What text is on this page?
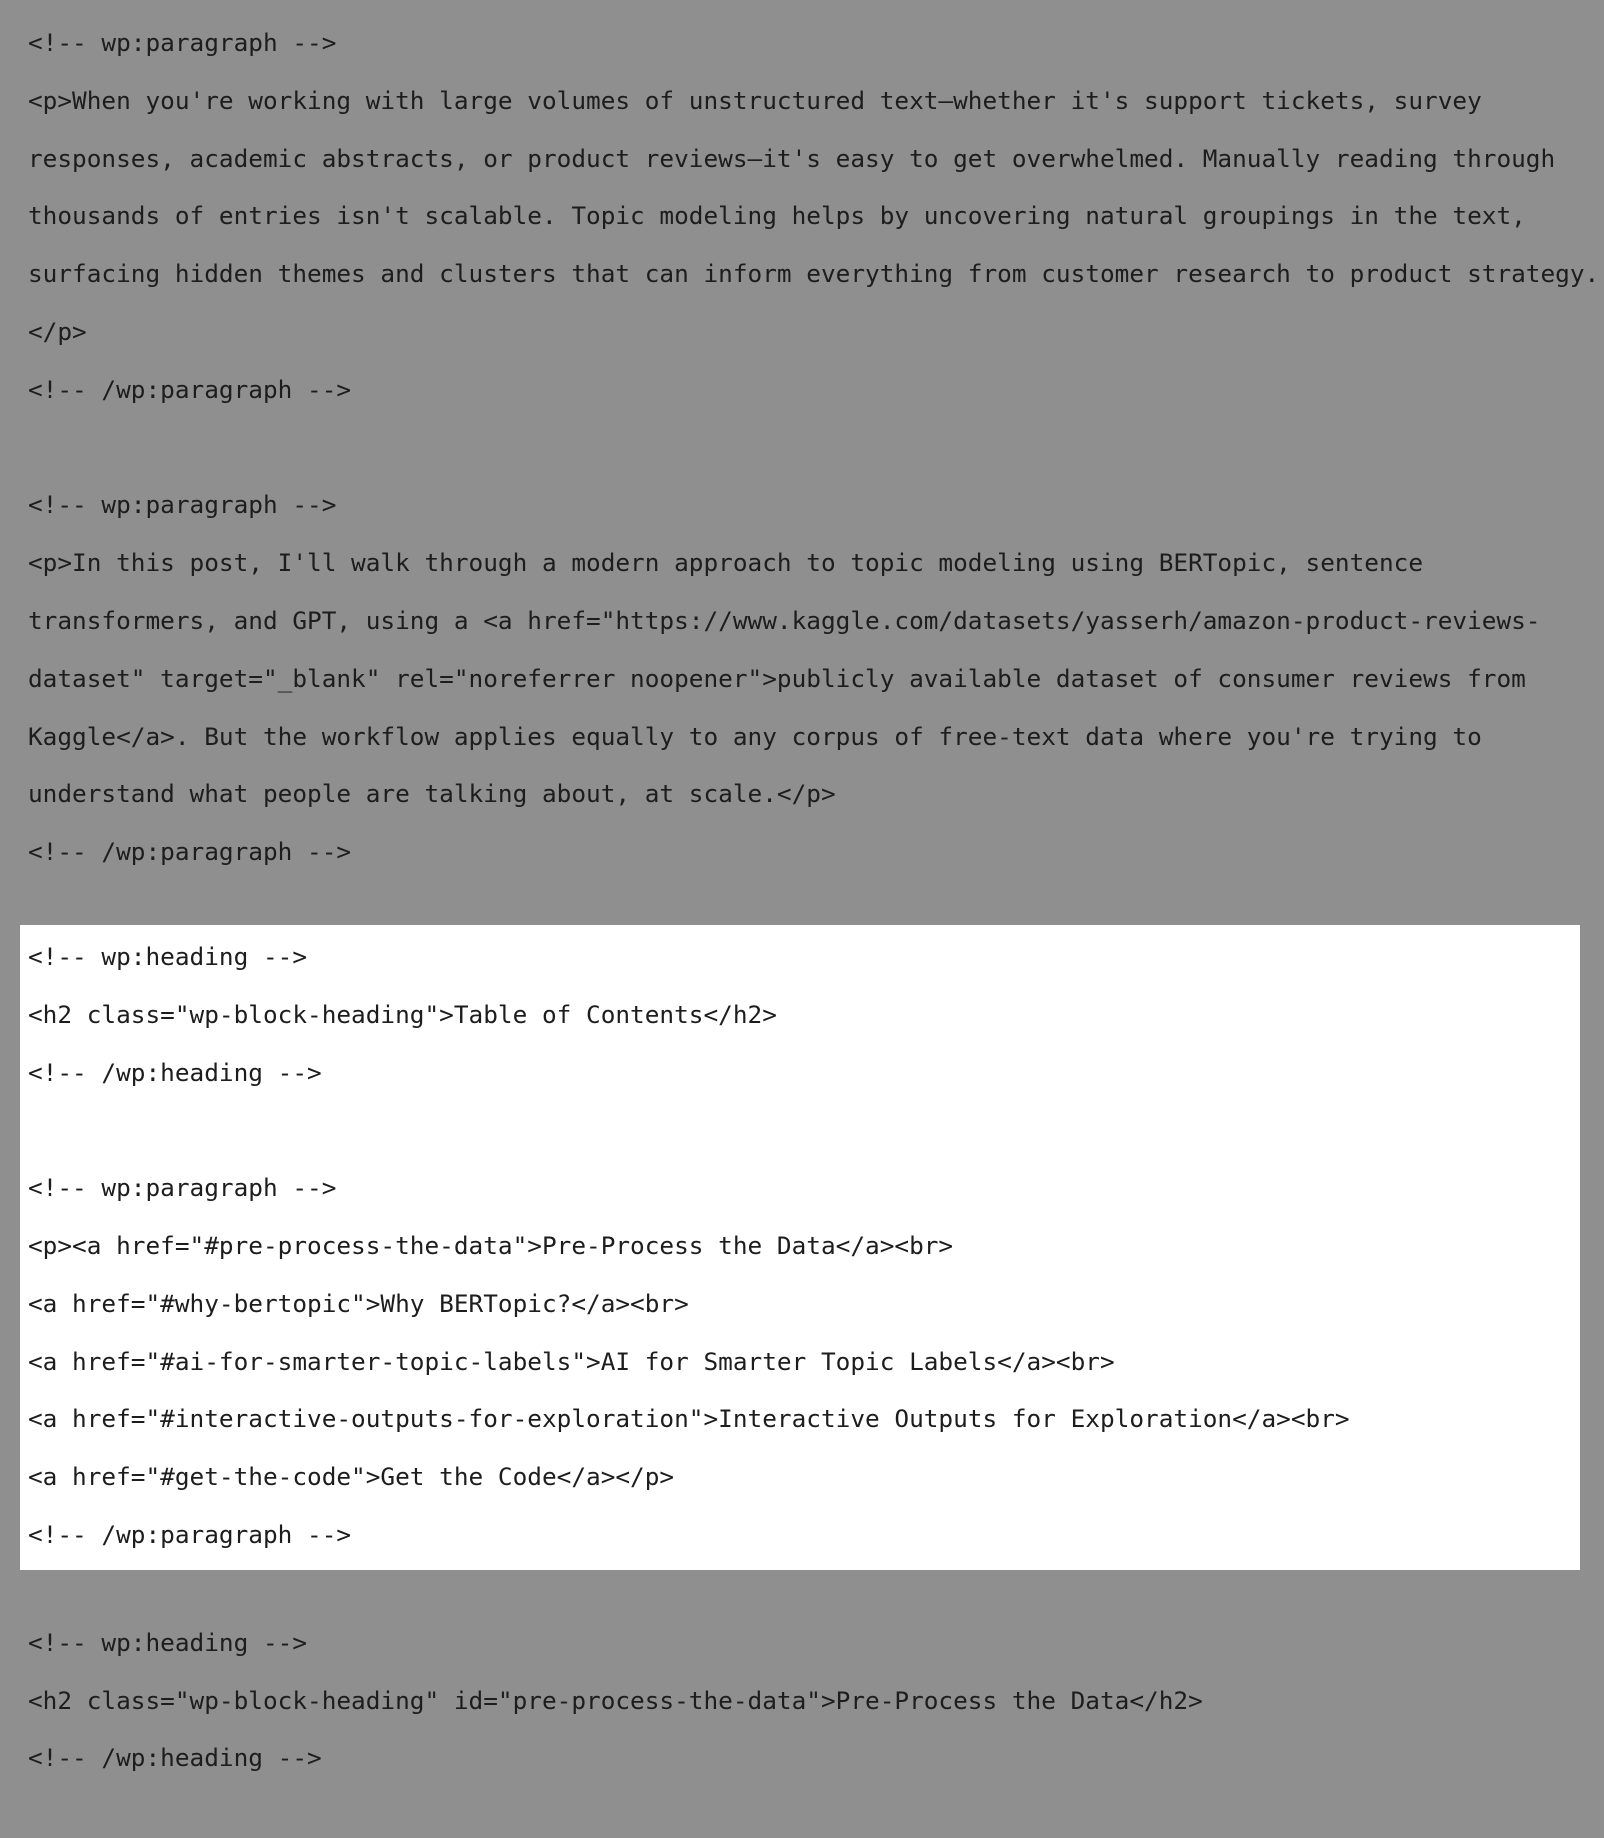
<!-- wp:paragraph -->
<p>When you're working with large volumes of unstructured text—whether it's support tickets, survey
responses, academic abstracts, or product reviews—it's easy to get overwhelmed. Manually reading through
thousands of entries isn't scalable. Topic modeling helps by uncovering natural groupings in the text,
surfacing hidden themes and clusters that can inform everything from customer research to product strategy.
</p>
<!-- /wp:paragraph -->
<!-- wp:paragraph -->
<p>In this post, I'll walk through a modern approach to topic modeling using BERTopic, sentence
transformers, and GPT, using a <a href="https://www.kaggle.com/datasets/yasserh/amazon-product-reviews-
dataset" target="_blank" rel="noreferrer noopener">publicly available dataset of consumer reviews from
Kaggle</a>. But the workflow applies equally to any corpus of free-text data where you're trying to
understand what people are talking about, at scale.</p>
<!-- /wp:paragraph -->
<!-- wp:heading -->
<h2 class="wp-block-heading">Table of Contents</h2>
<!-- /wp:heading -->
<!-- wp:paragraph -->
<p><a href="#pre-process-the-data">Pre-Process the Data</a><br>
<a href="#why-bertopic">Why BERTopic?</a><br>
<a href="#ai-for-smarter-topic-labels">AI for Smarter Topic Labels</a><br>
<a href="#interactive-outputs-for-exploration">Interactive Outputs for Exploration</a><br>
<a href="#get-the-code">Get the Code</a></p>
<!-- /wp:paragraph -->
<!-- wp:heading -->
<h2 class="wp-block-heading" id="pre-process-the-data">Pre-Process the Data</h2>
<!-- /wp:heading -->
